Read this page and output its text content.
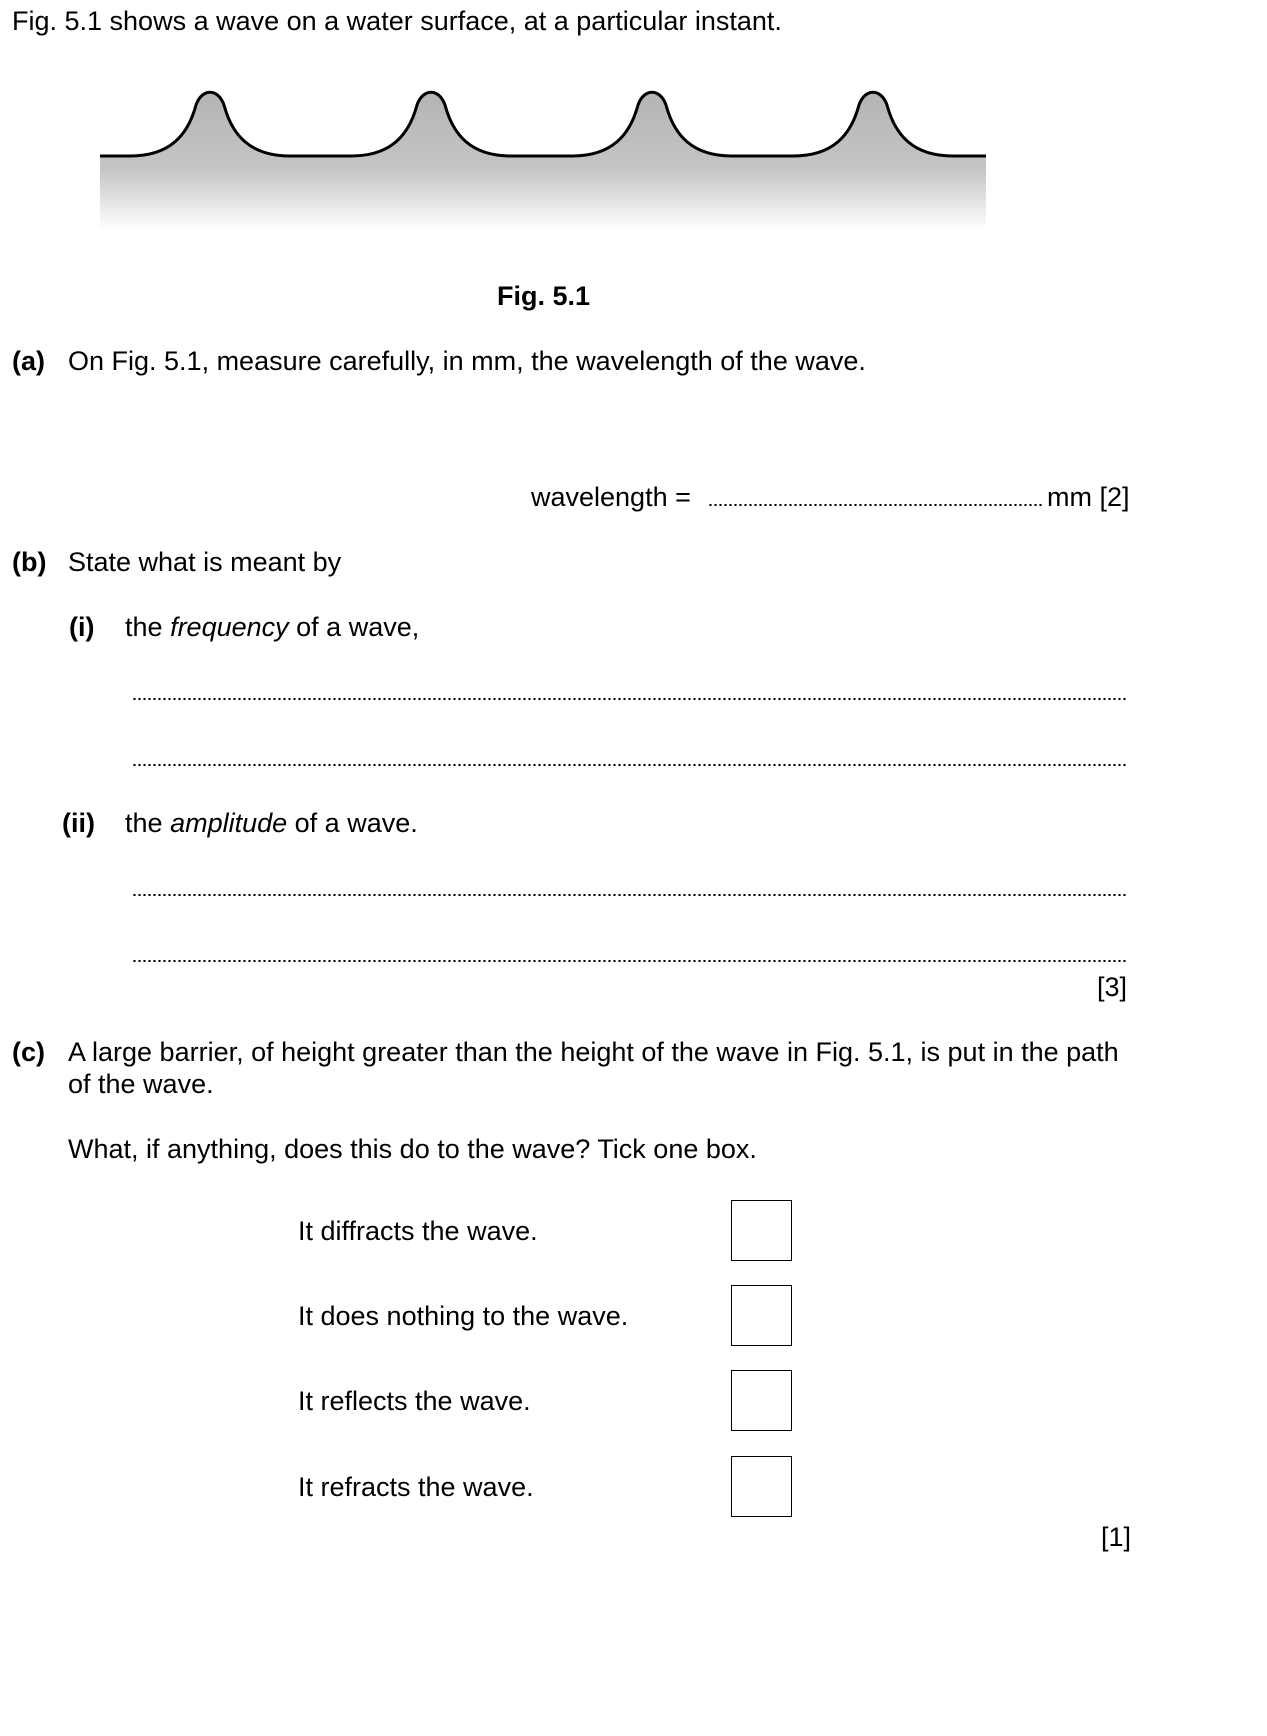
Fig. 5.1 shows a wave on a water surface, at a particular instant.
Fig. 5.1
(a) On Fig. 5.1, measure carefully, in mm, the wavelength of the wave.
wavelength =	mm [2]
(b) State what is meant by
(i) the frequency of a wave,
(ii) the amplitude of a wave.
[3]
(c) A large barrier, of height greater than the height of the wave in Fig. 5.1, is put in the path
of the wave.
What, if anything, does this do to the wave? Tick one box.
It diffracts the wave.
It does nothing to the wave.
It reflects the wave.
It refracts the wave.
[1]
